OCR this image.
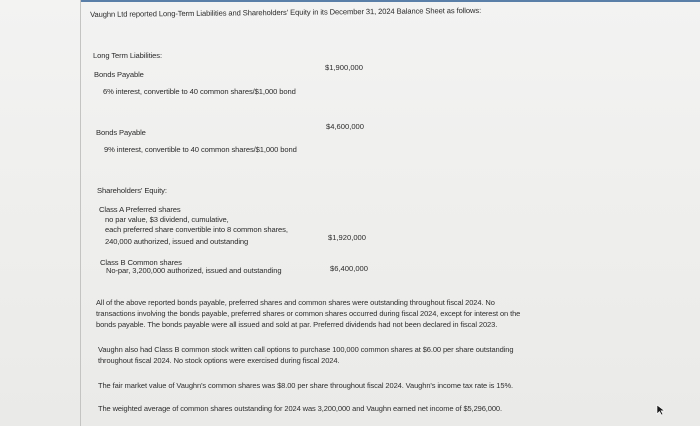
Vaughn Ltd reported Long-Term Liabilities and Shareholders' Equity in its December 31, 2024 Balance Sheet as follows:
Long Term Liabilities:
Bonds Payable
6% interest, convertible to 40 common shares/$1,000 bond
$1,900,000
Bonds Payable
9% interest, convertible to 40 common shares/$1,000 bond
$4,600,000
Shareholders' Equity:
Class A Preferred shares
no par value, $3 dividend, cumulative,
each preferred share convertible into 8 common shares,
240,000 authorized, issued and outstanding	$1,920,000
Class B Common shares
No-par, 3,200,000 authorized, issued and outstanding	$6,400,000
All of the above reported bonds payable, preferred shares and common shares were outstanding throughout fiscal 2024. No
transactions involving the bonds payable, preferred shares or common shares occurred during fiscal 2024, except for interest on the
bonds payable. The bonds payable were all issued and sold at par. Preferred dividends had not been declared in fiscal 2023.
Vaughn also had Class B common stock written call options to purchase 100,000 common shares at $6.00 per share outstanding
throughout fiscal 2024. No stock options were exercised during fiscal 2024.
The fair market value of Vaughn's common shares was $8.00 per share throughout fiscal 2024. Vaughn's income tax rate is 15%.
The weighted average of common shares outstanding for 2024 was 3,200,000 and Vaughn earned net income of $5,296,000.
